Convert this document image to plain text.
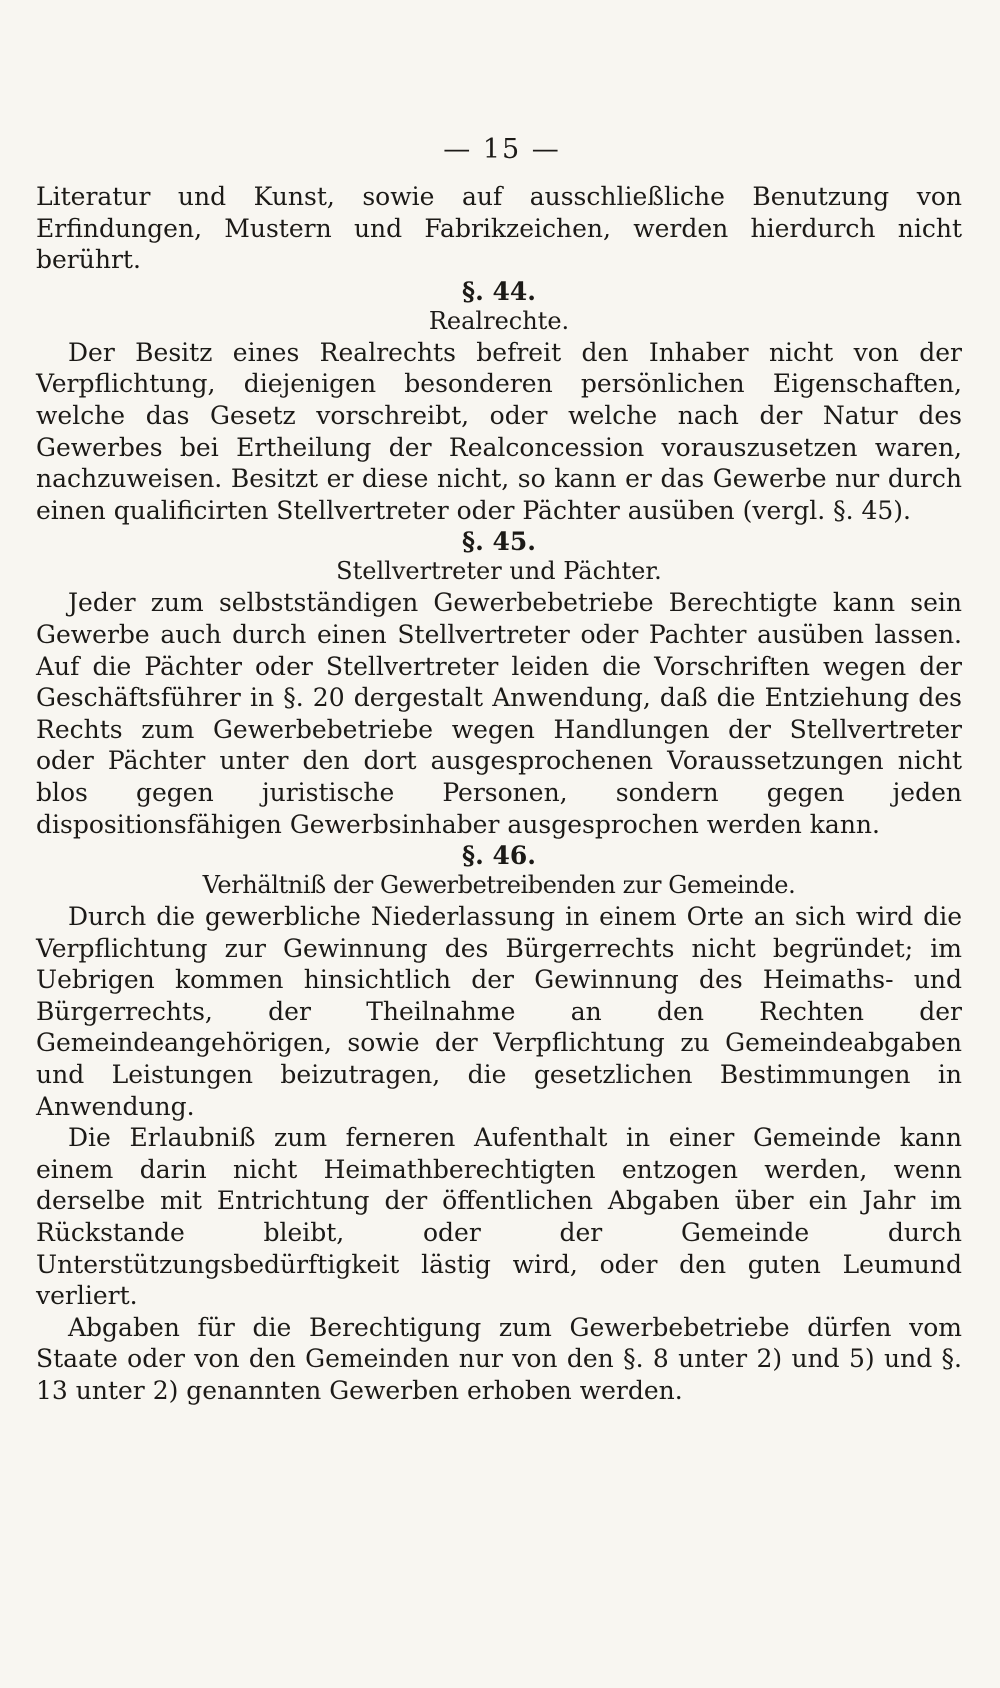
— 15 —

Literatur und Kunst, sowie auf ausschließliche Benutzung von Erfindungen, Mustern und Fabrikzeichen, werden hierdurch nicht berührt.

§. 44.
Realrechte.

Der Besitz eines Realrechts befreit den Inhaber nicht von der Verpflichtung, diejenigen besonderen persönlichen Eigenschaften, welche das Gesetz vorschreibt, oder welche nach der Natur des Gewerbes bei Ertheilung der Realconcession vorauszusetzen waren, nachzuweisen. Besitzt er diese nicht, so kann er das Gewerbe nur durch einen qualificirten Stellvertreter oder Pächter ausüben (vergl. §. 45).

§. 45.
Stellvertreter und Pächter.

Jeder zum selbstständigen Gewerbebetriebe Berechtigte kann sein Gewerbe auch durch einen Stellvertreter oder Pachter ausüben lassen. Auf die Pächter oder Stellvertreter leiden die Vorschriften wegen der Geschäftsführer in §. 20 dergestalt Anwendung, daß die Entziehung des Rechts zum Gewerbebetriebe wegen Handlungen der Stellvertreter oder Pächter unter den dort ausgesprochenen Voraussetzungen nicht blos gegen juristische Personen, sondern gegen jeden dispositionsfähigen Gewerbsinhaber ausgesprochen werden kann.

§. 46.
Verhältniß der Gewerbetreibenden zur Gemeinde.

Durch die gewerbliche Niederlassung in einem Orte an sich wird die Verpflichtung zur Gewinnung des Bürgerrechts nicht begründet; im Uebrigen kommen hinsichtlich der Gewinnung des Heimaths- und Bürgerrechts, der Theilnahme an den Rechten der Gemeindeangehörigen, sowie der Verpflichtung zu Gemeindeabgaben und Leistungen beizutragen, die gesetzlichen Bestimmungen in Anwendung.

Die Erlaubniß zum ferneren Aufenthalt in einer Gemeinde kann einem darin nicht Heimathberechtigten entzogen werden, wenn derselbe mit Entrichtung der öffentlichen Abgaben über ein Jahr im Rückstande bleibt, oder der Gemeinde durch Unterstützungsbedürftigkeit lästig wird, oder den guten Leumund verliert.

Abgaben für die Berechtigung zum Gewerbebetriebe dürfen vom Staate oder von den Gemeinden nur von den §. 8 unter 2) und 5) und §. 13 unter 2) genannten Gewerben erhoben werden.
